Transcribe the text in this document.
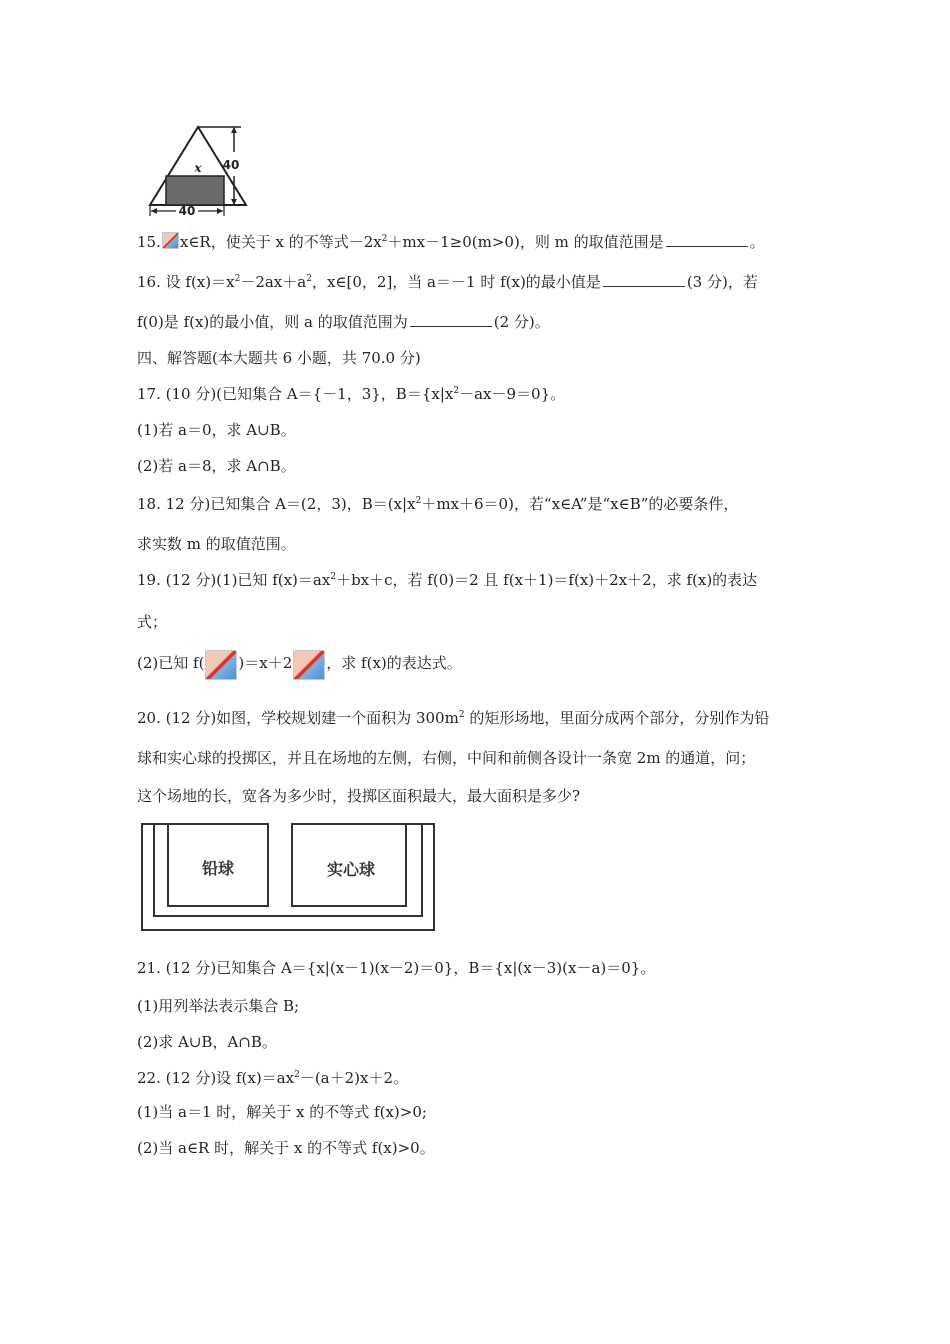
x 40
40

15. x∈R，使关于 x 的不等式$-2x^2+mx-1\ge 0(m>0)$，则 m 的取值范围是	。

16. 设 $f(x)=x^2-2ax+a^2$，x∈[0，2]，当 a＝－1 时 f(x)的最小值是	(3 分)，若

f(0)是 f(x)的最小值，则 a 的取值范围为	(2 分)。

四、解答题(本大题共 6 小题，共 70.0 分)

17. (10 分)(已知集合 A＝{－1，3}，$B=\{x|x^2-ax-9=0\}$。

(1)若 a＝0，求 A∪B。

(2)若 a＝8，求 A∩B。

18. 12 分)已知集合 A＝(2，3)，$B=(x|x^2+mx+6=0)$，若“x∈A”是“x∈B”的必要条件，

求实数 m 的取值范围。

19. (12 分)(1)已知 $f(x)=ax^2+bx+c$，若 f(0)＝2 且 f(x＋1)＝f(x)＋2x＋2，求 f(x)的表达

式；

(2)已知 f( )＝x＋2 ，求 f(x)的表达式。

20. (12 分)如图，学校规划建一个面积为 $300m^2$ 的矩形场地，里面分成两个部分，分别作为铅

球和实心球的投掷区，并且在场地的左侧，右侧，中间和前侧各设计一条宽 2m 的通道，问；

这个场地的长，宽各为多少时，投掷区面积最大，最大面积是多少?

铅球	实心球

21. (12 分)已知集合 A＝{x|(x－1)(x－2)＝0}，B＝{x|(x－3)(x－a)＝0}。

(1)用列举法表示集合 B;

(2)求 A∪B，A∩B。

22. (12 分)设 $f(x)=ax^2-(a+2)x+2$。

(1)当 a＝1 时，解关于 x 的不等式 f(x)>0;

(2)当 a∈R 时，解关于 x 的不等式 f(x)>0。
